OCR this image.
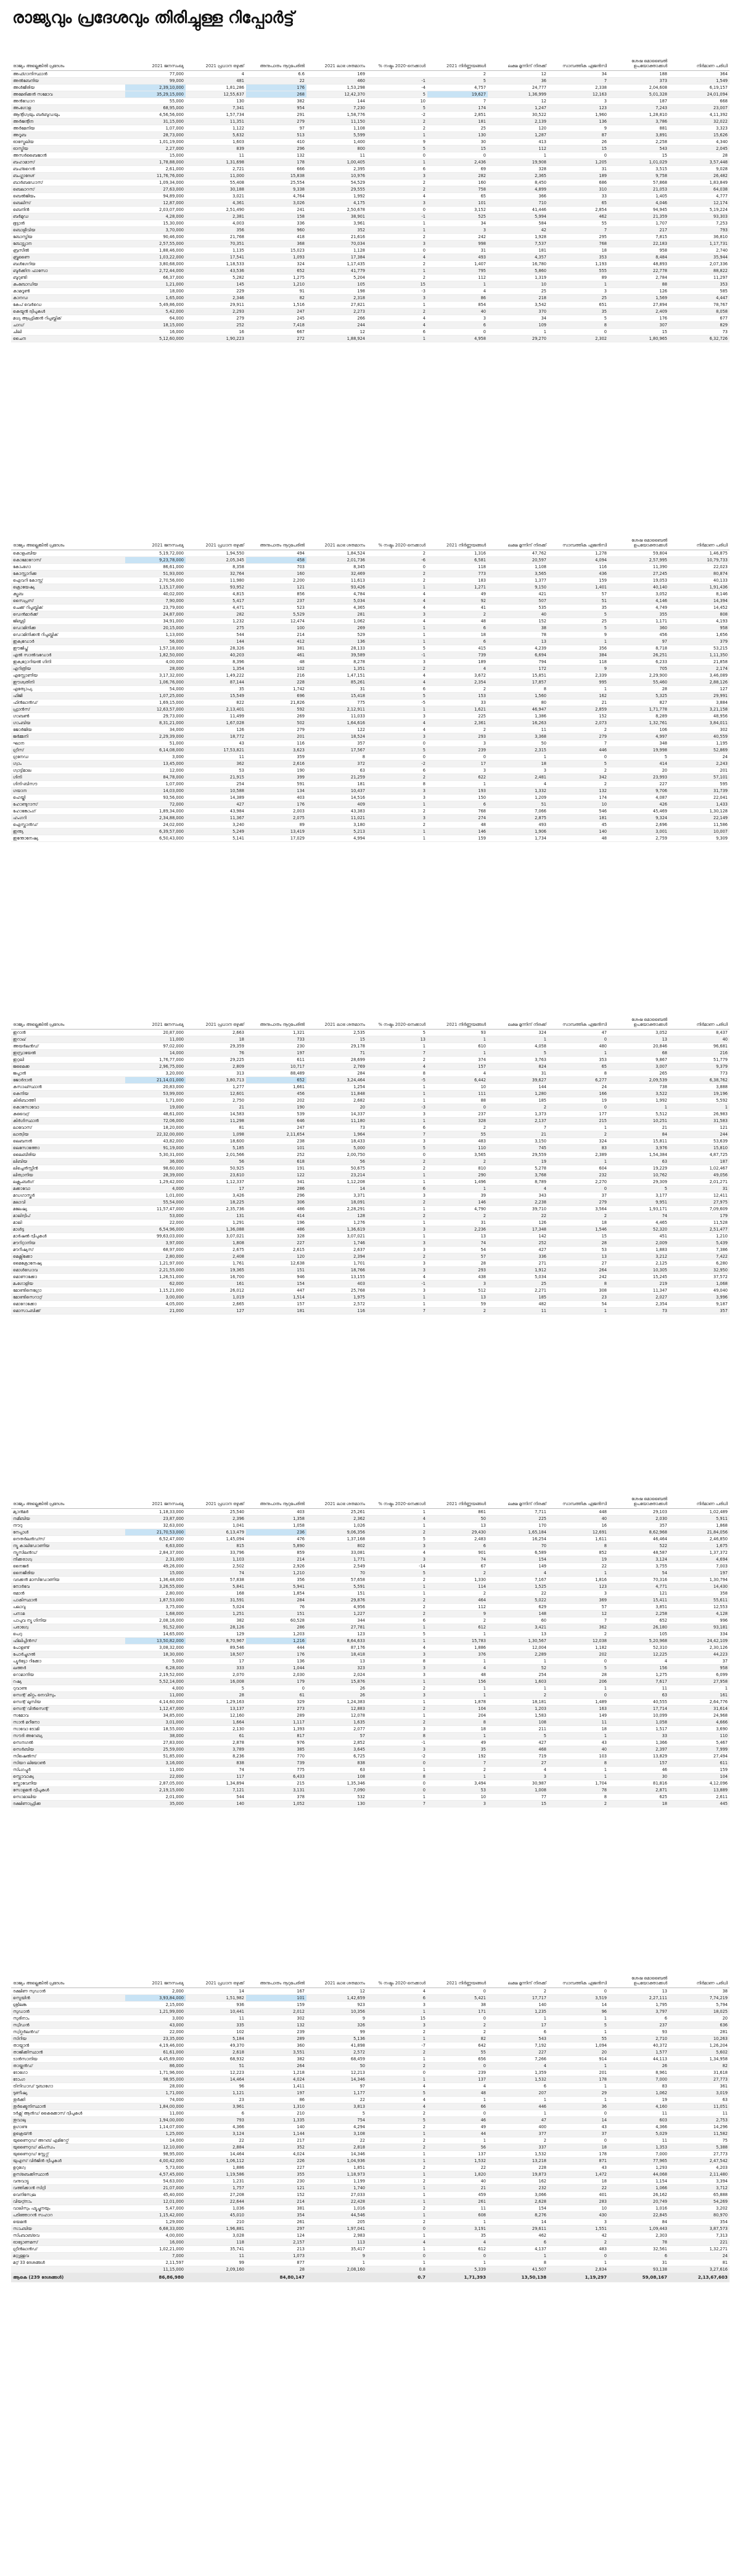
രാജ്യവും പ്രദേശവും തിരിച്ചുള്ള റിപ്പോർട്ട്
രാജ്യം അല്ലെങ്കിൽ പ്രദേശം	2021 ജനസംഖ്യ	2021 പ്രധാന ഒഴുക്ക്	അനുപാതം നൂറുപേരിൽ	2021 ലാഭ ശതമാനം	% നഷ്ടം 2020-നെക്കാൾ	2021 നിർണ്ണയങ്ങൾ	ലക്ഷ മൂന്നിന് നിരക്ക്	സാമ്പത്തിക ഏജൻസി	ശേഷ മൊബൈൽ ഉപയോക്താക്കൾ	നിർമാണ പരിധി
അഫ്ഗാനിസ്ഥാൻ	77,000	4	6.6	169		2	12	34	188	364
അൽബേനിയ	99,000	481	22	460	-1	5	36	7	373	1,549
അൾജീരിയ	2,39,10,000	1,81,286	176	1,53,298	-4	4,757	24,777	2,338	2,04,608	6,19,157
അമേരിക്കൻ സമോവ	35,29,15,000	12,55,637	268	12,42,370	5	19,627	1,36,999	12,163	5,01,328	24,01,094
അൻഡോറ	55,000	130	382	144	10	7	12	3	187	668
അംഗോള	68,95,000	7,341	954	7,230	5	174	1,247	123	7,243	23,007
ആന്റിഗ്വയും ബർബുഡയും	4,56,56,000	1,57,734	291	1,58,776	-2	2,851	30,522	1,960	1,28,810	4,11,392
അർജന്റീന	31,15,000	11,351	279	11,150	2	181	2,139	136	3,786	32,022
അർമേനിയ	1,07,000	1,122	97	1,108	2	25	120	9	881	3,323
അറൂബ	28,73,000	5,632	513	5,599	1	130	1,287	87	3,891	15,626
ഓസ്ട്രേലിയ	1,01,19,000	1,603	410	1,400	9	30	413	26	2,258	4,340
ഓസ്ട്രിയ	2,27,000	839	296	800	5	15	112	15	543	2,045
അസർബൈജാൻ	15,000	11	132	11	0	0	1	0	15	28
ബഹാമാസ്	1,78,88,000	1,31,698	178	1,00,405	1	2,436	19,908	1,205	1,01,029	3,57,448
ബഹ്റൈൻ	2,61,000	2,721	666	2,395	6	69	328	31	3,515	9,028
ബംഗ്ലാദേശ്	11,76,76,000	11,000	15,838	10,976	3	282	2,365	189	9,758	26,482
ബാർബഡോസ്	1,09,34,000	55,408	25,554	54,529	2	160	8,450	686	57,868	1,83,849
ബെലാറസ്	27,63,000	30,188	9,338	29,555	2	758	4,899	310	21,053	64,038
ബെൽജിയം	94,89,000	3,021	4,764	1,992	4	65	366	33	1,405	4,777
ബെലീസ്	12,87,000	4,361	3,026	4,175	3	101	710	65	4,046	12,174
ബെനിൻ	2,03,07,000	2,51,490	241	2,50,678	0	3,152	41,446	2,854	94,945	5,19,224
ബർമുഡ	4,28,000	2,381	158	38,901	-1	525	5,994	462	21,359	93,303
ഭൂട്ടാൻ	15,30,000	4,003	336	3,961	1	34	584	55	1,707	7,253
ബൊളീവിയ	3,70,000	356	960	352	1	3	42	7	217	793
ബോസ്നിയ	90,46,000	21,768	418	21,616	2	242	1,928	295	7,815	36,810
ബോട്സ്വാന	2,57,55,000	70,351	368	70,034	3	998	7,537	768	22,183	1,17,731
ബ്രസീൽ	1,88,46,000	1,135	15,023	1,128	0	31	181	18	958	2,740
ബ്രൂണൈ	1,03,22,000	17,541	1,093	17,384	4	493	4,357	353	8,484	35,944
ബൾഗേറിയ	3,80,68,000	1,18,533	324	1,17,435	2	1,407	16,780	1,193	48,893	2,07,336
ബുർക്കിന ഫാസോ	2,72,44,000	43,536	652	41,779	1	795	5,860	555	22,778	88,822
ബുറുണ്ടി	66,37,000	5,282	1,275	5,204	2	112	1,319	89	2,784	11,297
കംബോഡിയ	1,21,000	145	1,210	105	15	1	10	1	88	353
കാമറൂൺ	18,000	229	91	198	-3	4	25	3	126	585
കാനഡ	1,65,000	2,346	82	2,318	3	86	218	25	1,569	4,447
കേപ് വെർഡെ	5,49,86,000	29,911	1,516	27,821	1	854	3,542	651	27,894	78,767
കെയ്മൻ ദ്വീപുകൾ	5,42,000	2,293	247	2,273	2	40	370	35	2,409	8,058
മധ്യ ആഫ്രിക്കൻ റിപ്പബ്ലിക്	64,000	279	245	266	4	3	34	5	176	677
ചാഡ്	18,15,000	252	7,418	244	4	6	109	8	307	829
ചിലി	16,000	16	667	12	6	0	1	0	15	73
ചൈന	5,12,60,000	1,90,223	272	1,88,924	1	4,958	29,270	2,302	1,80,965	6,32,726
രാജ്യം അല്ലെങ്കിൽ പ്രദേശം	2021 ജനസംഖ്യ	2021 പ്രധാന ഒഴുക്ക്	അനുപാതം നൂറുപേരിൽ	2021 ലാഭ ശതമാനം	% നഷ്ടം 2020-നെക്കാൾ	2021 നിർണ്ണയങ്ങൾ	ലക്ഷ മൂന്നിന് നിരക്ക്	സാമ്പത്തിക ഏജൻസി	ശേഷ മൊബൈൽ ഉപയോക്താക്കൾ	നിർമാണ പരിധി
കൊളംബിയ	5,19,72,000	1,94,550	494	1,84,524	2	1,316	47,762	1,278	59,804	1,46,875
കൊമോറോസ്	9,23,78,000	2,05,345	458	2,01,736	-6	6,581	20,597	4,094	2,57,995	10,79,733
കോംഗോ	86,61,000	8,358	703	8,345	0	118	1,108	116	11,390	22,023
കോസ്റ്റാറിക്ക	51,93,000	32,764	160	32,469	2	773	3,565	436	27,245	80,874
ഐവറി കോസ്റ്റ്	2,70,56,000	11,980	2,200	11,613	2	183	1,377	159	19,053	40,133
ക്രൊയേഷ്യ	1,15,17,000	93,952	121	93,426	1	1,271	9,150	1,401	40,140	1,91,436
ക്യൂബ	40,02,000	4,815	856	4,784	4	49	421	57	3,052	8,146
സൈപ്രസ്	7,90,000	5,417	237	5,034	4	92	507	51	4,146	14,394
ചെക്ക് റിപ്പബ്ലിക്	23,79,000	4,471	523	4,365	4	41	535	35	4,749	14,452
ഡെൻമാർക്ക്	24,87,000	282	5,529	281	3	2	40	5	355	808
ജിബൂട്ടി	34,91,000	1,232	12,474	1,062	4	48	152	25	1,171	4,193
ഡൊമിനിക്ക	20,15,000	275	100	269	1	6	38	5	360	958
ഡൊമിനിക്കൻ റിപ്പബ്ലിക്	1,13,000	544	214	529	1	18	78	9	456	1,656
ഇക്വഡോർ	56,000	144	412	136	1	6	13	1	97	379
ഈജിപ്ത്	1,57,18,000	28,326	381	28,133	5	415	4,239	356	8,718	53,215
എൽ സാൽവഡോർ	1,82,50,000	40,203	461	39,589	-1	739	6,694	384	26,251	1,11,350
ഇക്വറ്റോറിയൽ ഗിനി	4,00,000	8,396	48	8,278	3	189	794	118	6,233	21,858
എറിത്രിയ	28,000	1,354	102	1,351	2	4	172	9	705	2,174
എസ്റ്റോണിയ	3,17,32,000	1,49,222	216	1,47,151	4	3,672	15,851	2,339	2,29,900	3,46,089
ഈശ്വതിനി	1,06,76,000	87,144	228	85,261	4	2,354	17,857	995	55,460	2,88,126
എത്യോപ്യ	54,000	35	1,742	31	6	2	8	1	28	127
ഫിജി	1,07,25,000	15,549	696	15,418	5	153	1,560	162	5,325	29,991
ഫിൻലാൻഡ്	1,69,15,000	822	21,826	775	-5	33	80	21	827	3,884
ഫ്രാൻസ്	12,63,57,000	2,13,401	592	2,12,911	1	1,621	46,947	2,859	1,71,778	3,21,158
ഗാബൺ	29,73,000	11,499	269	11,033	3	225	1,386	152	8,289	48,956
ഗാംബിയ	8,31,21,000	1,67,028	502	1,64,616	4	2,361	16,263	2,073	1,32,761	3,84,011
ജോർജിയ	34,000	126	279	122	4	2	11	2	106	302
ജർമ്മനി	2,29,39,000	18,772	201	18,524	3	293	3,368	279	4,997	40,559
ഘാന	51,000	43	116	357	0	3	50	7	348	1,195
ഗ്രീസ്	6,14,08,000	17,53,821	3,623	17,567	5	239	2,315	446	19,998	52,869
ഗ്രനേഡ	3,000	11	359	8	0	0	1	0	5	24
ഗ്വാം	13,45,000	362	2,616	372	-2	17	18	5	414	2,243
ഗ്വാട്ടിമാല	12,000	53	190	63	6	3	3	2	20	201
ഗിനി	84,78,000	21,915	399	21,259	2	622	2,481	342	23,993	57,101
ഗിനി-ബിസൗ	1,07,000	254	591	181	8	1	4	2	227	595
ഗയാന	14,03,000	10,588	134	10,437	3	193	1,332	132	9,706	31,739
ഹെയ്തി	93,56,000	14,389	403	14,516	3	150	1,209	174	4,087	22,041
ഹോണ്ടുറാസ്	72,000	427	176	409	1	6	51	10	426	1,433
ഹോങ്കോംഗ്	1,89,34,000	43,984	2,003	43,383	2	768	7,066	546	45,469	1,30,128
ഹംഗറി	2,34,88,000	11,367	2,075	11,021	3	274	2,875	181	9,324	22,149
ഐസ്ലാൻഡ്	24,02,000	3,240	89	3,180	2	48	493	45	2,696	11,586
ഇന്ത്യ	6,39,57,000	5,249	13,419	5,213	1	146	1,906	140	3,001	10,007
ഇന്തോനേഷ്യ	6,50,43,000	5,141	17,029	4,994	1	159	1,734	48	2,759	9,309
രാജ്യം അല്ലെങ്കിൽ പ്രദേശം	2021 ജനസംഖ്യ	2021 പ്രധാന ഒഴുക്ക്	അനുപാതം നൂറുപേരിൽ	2021 ലാഭ ശതമാനം	% നഷ്ടം 2020-നെക്കാൾ	2021 നിർണ്ണയങ്ങൾ	ലക്ഷ മൂന്നിന് നിരക്ക്	സാമ്പത്തിക ഏജൻസി	ശേഷ മൊബൈൽ ഉപയോക്താക്കൾ	നിർമാണ പരിധി
ഇറാൻ	20,87,000	2,663	1,321	2,535	5	93	324	47	3,052	8,437
ഇറാഖ്	11,000	18	733	15	13	1	1	0	13	40
അയർലൻഡ്	97,02,000	29,359	230	29,178	1	610	4,058	480	20,846	96,681
ഇസ്രായേൽ	14,000	76	197	71	7	1	5	1	68	216
ഇറ്റലി	1,76,77,000	29,225	611	28,699	2	374	3,763	353	9,867	51,779
ജമൈക്ക	2,96,75,000	2,809	10,717	2,769	4	157	824	65	3,007	9,379
ജപ്പാൻ	3,20,000	313	88,489	284	8	4	31	8	265	773
ജോർദാൻ	21,14,01,000	3,80,713	652	3,24,464	-5	6,442	39,627	6,277	2,09,539	6,38,762
കസാഖ്സ്ഥാൻ	20,83,000	1,277	1,661	1,254	1	10	144	24	738	3,888
കെനിയ	53,99,000	12,601	456	11,848	1	111	1,280	166	3,522	19,196
കിരിബാത്തി	1,71,000	2,750	202	2,682	1	88	185	19	1,992	5,592
കൊസോവോ	19,000	21	190	20	-3	0	2	0	1	1
കുവൈറ്റ്	48,61,000	14,583	539	14,337	3	237	1,373	177	5,512	26,983
കിർഗിസ്ഥാൻ	72,06,000	11,298	646	11,180	1	328	2,137	215	10,251	31,583
ലാവോസ്	18,20,000	81	247	73	6	2	7	1	21	121
ലാത്വിയ	22,32,00,000	1,098	2,11,654	1,964	7	55	21	2	84	244
ലെബനൻ	43,82,000	18,600	238	18,433	3	483	3,150	324	15,811	53,639
ലെസോത്തോ	91,19,000	5,185	101	5,000	5	110	745	83	3,976	15,810
ലൈബീരിയ	5,30,31,000	2,01,566	252	2,00,750	0	3,565	29,559	2,389	1,54,384	4,87,725
ലിബിയ	36,000	56	618	56	2	2	19	1	63	187
ലിച്ചെൻസ്റ്റീൻ	98,60,000	50,925	191	50,675	2	810	5,278	604	19,229	1,02,467
ലിത്വാനിയ	28,39,000	23,610	122	23,214	1	290	3,768	232	10,762	49,056
ലക്സംബർഗ്	1,29,42,000	1,12,337	341	1,12,208	1	1,496	8,789	2,270	29,309	2,01,271
മക്കാവോ	4,000	17	286	14	6	1	4	0	5	31
മഡഗാസ്കർ	1,01,000	3,426	296	3,371	3	39	343	37	3,177	12,411
മലാവി	55,54,000	18,225	306	18,091	2	146	2,238	279	9,951	27,975
മലേഷ്യ	11,57,47,000	2,35,736	486	2,28,291	1	4,790	39,710	3,564	1,93,171	7,09,609
മാലിദ്വീപ്	53,000	131	414	128	2	2	22	2	74	179
മാലി	22,000	1,291	196	1,276	1	31	126	18	4,465	11,528
മാൾട്ട	6,54,96,000	1,36,088	486	1,36,619	3	2,236	17,348	1,546	52,320	2,51,477
മാർഷൽ ദ്വീപുകൾ	99,63,03,000	3,07,021	328	3,07,021	1	13	142	15	451	1,210
മൗറിറ്റാനിയ	3,97,000	1,808	227	1,746	3	74	252	28	2,009	5,439
മൗറീഷ്യസ്	68,97,000	2,675	2,615	2,637	3	54	427	53	1,883	7,386
മെക്സിക്കോ	2,80,000	2,408	120	2,394	2	57	336	13	3,212	7,422
മൈക്രോനേഷ്യ	1,21,97,000	1,761	12,638	1,701	3	28	271	27	2,125	6,280
മൊൾഡോവ	2,21,55,000	19,365	151	18,766	3	293	1,912	264	10,305	32,950
മൊണാക്കോ	1,26,51,000	16,700	946	13,155	4	438	5,034	242	15,245	37,572
മംഗോളിയ	62,000	161	154	403	-1	3	25	8	219	1,068
മോണ്ടിനെഗ്രോ	1,15,21,000	26,012	447	25,768	3	512	2,271	308	11,347	49,040
മോണ്ടിസെറാറ്റ്	3,00,000	1,019	1,514	1,975	1	13	185	23	2,027	3,996
മൊറോക്കോ	4,05,000	2,665	157	2,572	1	59	482	54	2,354	9,187
മൊസാംബിക്ക്	21,000	127	181	116	7	2	11	1	73	357
രാജ്യം അല്ലെങ്കിൽ പ്രദേശം	2021 ജനസംഖ്യ	2021 പ്രധാന ഒഴുക്ക്	അനുപാതം നൂറുപേരിൽ	2021 ലാഭ ശതമാനം	% നഷ്ടം 2020-നെക്കാൾ	2021 നിർണ്ണയങ്ങൾ	ലക്ഷ മൂന്നിന് നിരക്ക്	സാമ്പത്തിക ഏജൻസി	ശേഷ മൊബൈൽ ഉപയോക്താക്കൾ	നിർമാണ പരിധി
മ്യാൻമർ	1,18,33,000	25,540	403	25,261	1	861	7,711	448	29,103	1,02,489
നമീബിയ	23,87,000	2,396	1,358	2,362	4	50	225	40	2,030	5,911
നൗറു	32,63,000	1,041	1,058	1,026	1	13	170	16	357	1,868
നേപ്പാൾ	21,70,53,000	6,13,479	236	9,06,356	2	29,430	1,65,184	12,691	8,62,968	21,84,056
നെതർലൻഡ്സ്	6,52,47,000	1,45,094	476	1,37,168	5	2,483	16,254	1,611	46,464	2,46,850
ന്യൂ കാലിഡോണിയ	6,63,000	815	5,890	802	3	6	70	8	522	1,675
ന്യൂസിലൻഡ്	2,84,37,000	33,796	859	33,081	4	901	6,589	852	48,587	1,37,372
നിക്കരാഗ്വ	2,31,000	1,103	214	1,771	3	74	154	19	3,124	4,694
നൈജർ	49,26,000	2,502	2,926	2,549	-14	67	149	22	3,755	7,003
നൈജീരിയ	15,000	74	1,210	70	5	2	4	1	54	197
വടക്കൻ മാസിഡോണിയ	1,36,48,000	57,838	356	57,658	2	1,330	7,167	1,816	70,316	1,30,794
നോർവേ	3,26,55,000	5,841	5,941	5,591	1	114	1,525	123	4,771	14,430
ഒമാൻ	2,80,000	168	1,854	151	1	2	22	3	121	358
പാകിസ്ഥാൻ	1,87,53,000	31,591	284	29,876	2	464	5,022	369	15,411	55,611
പലാവു	3,75,000	5,024	76	4,956	2	112	629	57	3,851	12,553
പനാമ	1,68,000	1,251	151	1,227	2	9	148	12	2,258	4,128
പാപുവ ന്യൂ ഗിനിയ	2,08,16,000	382	60,528	344	6	2	60	7	652	996
പരാഗ്വേ	91,52,000	28,126	286	27,781	1	612	3,421	362	26,180	93,181
പെറു	14,65,000	129	1,203	123	5	1	13	2	105	334
ഫിലിപ്പീൻസ്	13,50,82,000	8,70,967	1,216	8,64,633	1	15,783	1,30,567	12,038	5,20,968	24,42,109
പോളണ്ട്	3,08,32,000	89,546	444	87,176	4	1,886	12,004	1,182	52,310	2,30,126
പോർച്ചുഗൽ	18,30,000	18,507	176	18,418	3	376	2,289	202	12,225	44,223
പ്യൂർട്ടോ റിക്കോ	5,000	17	136	13	8	1	1	0	4	37
ഖത്തർ	6,28,000	333	1,044	323	3	4	52	5	156	958
റൊമാനിയ	2,19,52,000	2,070	2,030	2,024	3	48	254	28	1,275	6,099
റഷ്യ	5,52,14,000	16,008	179	15,876	1	156	1,603	206	7,617	27,958
റുവാണ്ട	4,000	5	0	26	2	1	1	1	11	1
സെന്റ് കിറ്റ്സും നെവിസും	11,000	28	61	26	3	1	2	0	63	161
സെന്റ് ലൂസിയ	4,14,60,000	1,29,163	329	1,24,383	1	1,878	18,181	1,489	40,555	2,64,776
സെന്റ് വിൻസെന്റ്	1,12,47,000	13,137	273	12,883	2	104	1,203	163	17,714	31,614
സമോവ	34,85,000	12,160	289	12,078	1	204	1,583	149	10,099	24,968
സാൻ മറീനോ	3,01,000	1,664	1,117	1,635	2	8	108	11	1,058	4,666
സാവോ ടോമി	18,55,000	2,130	1,393	2,077	3	18	211	18	1,517	3,690
സൗദി അറേബ്യ	38,000	61	817	57	8	1	5	1	33	110
സെനഗൽ	27,83,000	2,878	976	2,852	-1	49	427	43	1,366	5,467
സെർബിയ	25,59,000	3,789	385	3,645	3	35	468	40	2,397	7,999
സീഷെൽസ്	51,85,000	8,236	770	6,725	-2	192	719	103	13,829	27,494
സിയറ ലിയോൺ	3,16,000	838	739	838	0	7	27	8	157	611
സിംഗപ്പൂർ	11,000	74	775	63	1	2	4	1	46	159
സ്ലൊവാക്യ	22,000	117	6,433	108	8	1	3	1	30	104
സ്ലോവേനിയ	2,87,05,000	1,34,894	215	1,35,346	0	3,494	30,987	1,704	81,816	4,12,096
സോളമൻ ദ്വീപുകൾ	2,19,15,000	7,121	3,131	7,090	0	53	1,008	78	2,871	13,889
സൊമാലിയ	2,01,000	544	378	532	1	10	77	8	625	2,611
ദക്ഷിണാഫ്രിക്ക	35,000	140	1,052	130	7	3	15	2	18	445
രാജ്യം അല്ലെങ്കിൽ പ്രദേശം	2021 ജനസംഖ്യ	2021 പ്രധാന ഒഴുക്ക്	അനുപാതം നൂറുപേരിൽ	2021 ലാഭ ശതമാനം	% നഷ്ടം 2020-നെക്കാൾ	2021 നിർണ്ണയങ്ങൾ	ലക്ഷ മൂന്നിന് നിരക്ക്	സാമ്പത്തിക ഏജൻസി	ശേഷ മൊബൈൽ ഉപയോക്താക്കൾ	നിർമാണ പരിധി
ദക്ഷിണ സുഡാൻ	2,000	14	167	12	4	0	2	0	13	38
സ്പെയിൻ	3,93,84,000	1,51,982	101	1,42,659	6	5,421	17,717	3,519	2,27,111	7,74,219
ശ്രീലങ്ക	2,15,000	936	159	923	3	38	140	14	1,795	5,794
സുഡാൻ	1,21,99,000	10,441	2,012	10,356	1	171	1,235	96	3,797	18,025
സുരിനാം	3,000	11	302	9	15	0	1	1	6	20
സ്വീഡൻ	43,000	335	132	326	3	2	17	5	237	636
സ്വിറ്റ്സർലൻഡ്	22,000	102	239	99	2	2	6	1	93	281
സിറിയ	23,35,000	5,184	289	5,136	1	82	543	55	2,710	10,263
തായ്വാൻ	4,19,46,000	49,370	360	41,898	-7	642	7,192	1,094	40,372	1,26,204
താജിക്കിസ്ഥാൻ	61,61,000	2,618	3,551	2,572	2	55	227	20	1,577	5,602
ടാൻസാനിയ	4,45,69,000	68,932	382	68,459	1	656	7,266	914	44,113	1,34,958
തായ്ലൻഡ്	86,000	51	264	50	2	0	4	1	26	82
ടോഗോ	1,71,96,000	12,223	1,218	12,213	0	239	1,359	201	8,961	31,618
ടോംഗ	98,95,000	14,464	4,024	14,346	1	137	1,532	178	7,000	27,773
ട്രിനിഡാഡ് ടുബാഗോ	28,000	96	1,411	97	4	4	6	1	83	361
ടുണീഷ്യ	1,71,000	1,121	197	1,177	5	48	207	29	1,062	3,019
തുർക്കി	74,000	23	86	22	4	1	1	1	19	63
തുർക്ക്മെനിസ്ഥാൻ	1,84,00,000	3,961	1,310	3,813	4	66	446	36	4,160	11,051
ടർക്സ് ആൻഡ് കൈക്കോസ് ദ്വീപുകൾ	11,000	6	210	5	2	0	1	0	11	11
തുവാലു	1,94,00,000	793	1,335	754	5	46	47	14	603	2,753
ഉഗാണ്ട	1,14,07,000	4,366	140	4,294	2	49	400	43	4,366	14,296
ഉക്രെയ്ൻ	1,25,000	3,124	1,144	3,108	1	44	377	37	5,029	11,582
യുണൈറ്റഡ് അറബ് എമിറേറ്റ്സ്	14,000	22	217	22	2	1	2	0	11	75
യുണൈറ്റഡ് കിംഗ്ഡം	12,10,000	2,884	352	2,818	2	56	337	18	1,353	5,388
യുണൈറ്റഡ് സ്റ്റേറ്റ്സ്	98,95,000	14,464	4,024	14,346	1	137	1,532	178	7,000	27,773
യുഎസ് വിർജിൻ ദ്വീപുകൾ	4,00,42,000	1,06,112	226	1,04,936	1	1,532	13,218	871	77,965	2,47,542
ഉറുഗ്വേ	5,73,000	1,886	227	1,851	2	22	228	43	1,293	4,203
ഉസ്ബെക്കിസ്ഥാൻ	4,57,45,000	1,19,586	355	1,18,973	1	1,820	19,873	1,472	44,068	2,11,480
വനുവാട്ടു	54,63,000	1,231	230	1,199	2	40	162	18	1,154	3,394
വത്തിക്കാൻ സിറ്റി	21,07,000	1,757	121	1,740	1	21	232	22	1,066	3,712
വെനിസ്വേല	45,40,000	27,208	152	27,033	1	459	3,066	401	26,162	65,888
വിയറ്റ്നാം	12,01,000	22,644	214	22,428	1	261	2,628	283	20,749	54,269
വാലിസും ഫ്യൂച്ചൂനയും	5,47,000	1,036	381	1,016	2	11	154	10	1,016	3,202
പടിഞ്ഞാറൻ സഹാറ	1,15,42,000	45,010	354	44,546	1	608	8,276	430	22,845	80,970
യെമൻ	1,29,000	210	261	205	2	1	14	3	84	354
സാംബിയ	6,68,33,000	1,96,881	297	1,97,041	0	3,191	29,611	1,551	1,09,443	3,87,573
സിംബാബ്‌വെ	4,00,000	3,028	124	2,983	1	35	462	42	2,303	7,313
ഓട്ടോണമസ്	16,000	118	2,157	113	4	4	6	2	78	221
ഗ്രീൻലാൻഡ്	1,02,21,000	35,741	213	35,417	1	612	4,137	483	32,561	1,32,271
മറ്റുള്ളവ	7,000	11	1,073	9	0	0	1	0	6	24
മറ്റ് 33 ദേശങ്ങൾ	2,11,597	99	877	1	1	1	8	1	31	81
	11,15,000	2,09,160	28	2,08,160	0.8	5,339	41,507	2,834	93,138	3,27,616
ആകെ (239 ദേശങ്ങൾ)	86,86,980		84,80,147		0.7	1,71,393	13,50,138	1,19,297	59,08,167	2,13,67,603
